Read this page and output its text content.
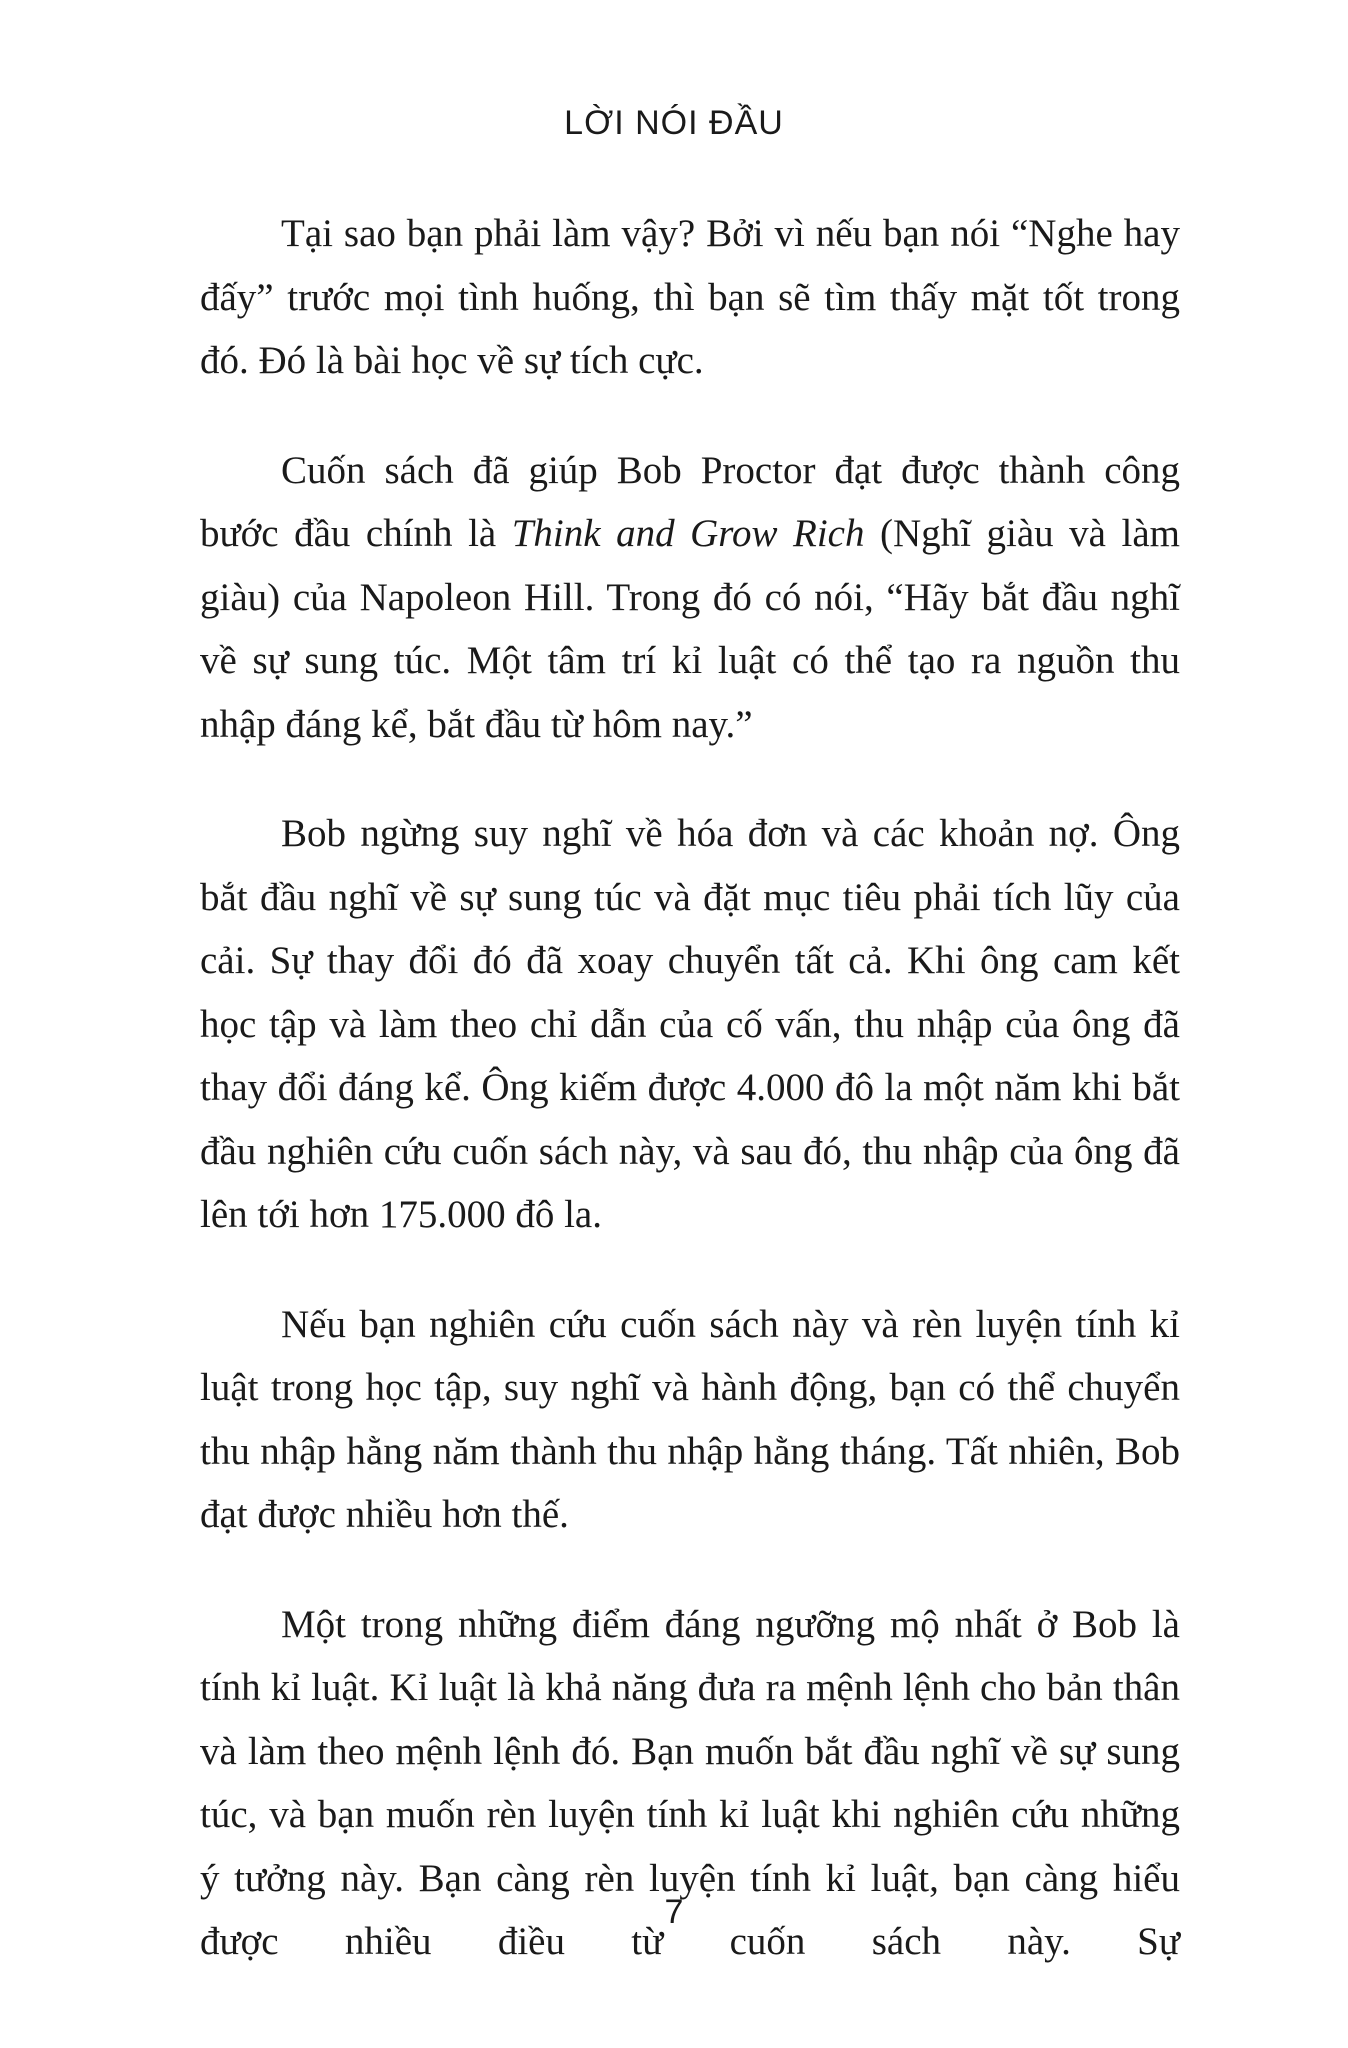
LỜI NÓI ĐẦU

Tại sao bạn phải làm vậy? Bởi vì nếu bạn nói “Nghe hay đấy” trước mọi tình huống, thì bạn sẽ tìm thấy mặt tốt trong đó. Đó là bài học về sự tích cực.

Cuốn sách đã giúp Bob Proctor đạt được thành công bước đầu chính là Think and Grow Rich (Nghĩ giàu và làm giàu) của Napoleon Hill. Trong đó có nói, “Hãy bắt đầu nghĩ về sự sung túc. Một tâm trí kỉ luật có thể tạo ra nguồn thu nhập đáng kể, bắt đầu từ hôm nay.”

Bob ngừng suy nghĩ về hóa đơn và các khoản nợ. Ông bắt đầu nghĩ về sự sung túc và đặt mục tiêu phải tích lũy của cải. Sự thay đổi đó đã xoay chuyển tất cả. Khi ông cam kết học tập và làm theo chỉ dẫn của cố vấn, thu nhập của ông đã thay đổi đáng kể. Ông kiếm được 4.000 đô la một năm khi bắt đầu nghiên cứu cuốn sách này, và sau đó, thu nhập của ông đã lên tới hơn 175.000 đô la.

Nếu bạn nghiên cứu cuốn sách này và rèn luyện tính kỉ luật trong học tập, suy nghĩ và hành động, bạn có thể chuyển thu nhập hằng năm thành thu nhập hằng tháng. Tất nhiên, Bob đạt được nhiều hơn thế.

Một trong những điểm đáng ngưỡng mộ nhất ở Bob là tính kỉ luật. Kỉ luật là khả năng đưa ra mệnh lệnh cho bản thân và làm theo mệnh lệnh đó. Bạn muốn bắt đầu nghĩ về sự sung túc, và bạn muốn rèn luyện tính kỉ luật khi nghiên cứu những ý tưởng này. Bạn càng rèn luyện tính kỉ luật, bạn càng hiểu được nhiều điều từ cuốn sách này. Sự

7
